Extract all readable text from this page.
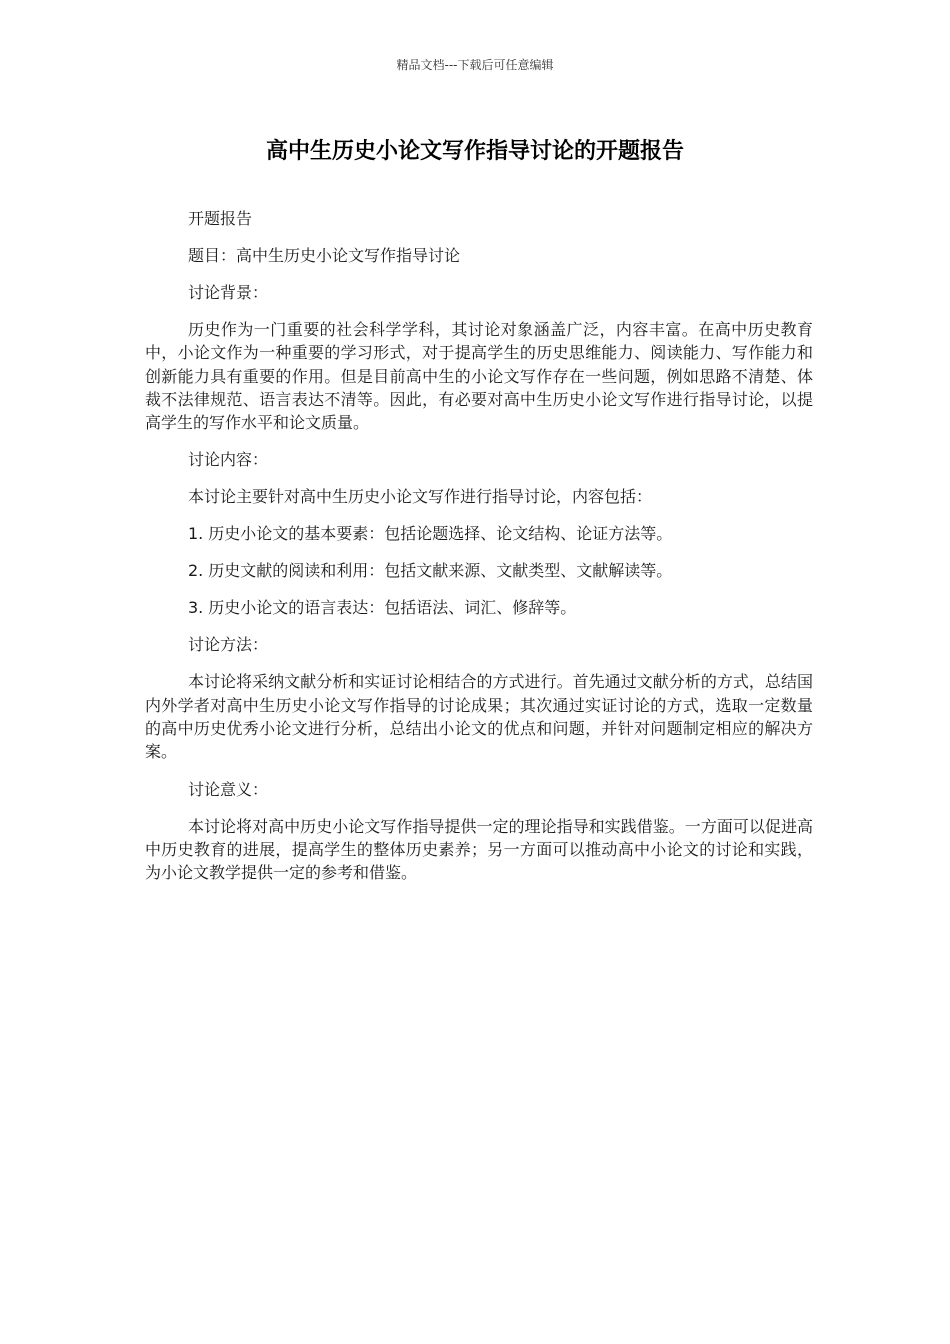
精品文档---下载后可任意编辑
高中生历史小论文写作指导讨论的开题报告

开题报告

题目：高中生历史小论文写作指导讨论

讨论背景：

历史作为一门重要的社会科学学科，其讨论对象涵盖广泛，内容丰富。在高中历史教育中，小论文作为一种重要的学习形式，对于提高学生的历史思维能力、阅读能力、写作能力和创新能力具有重要的作用。但是目前高中生的小论文写作存在一些问题，例如思路不清楚、体裁不法律规范、语言表达不清等。因此，有必要对高中生历史小论文写作进行指导讨论，以提高学生的写作水平和论文质量。

讨论内容：

本讨论主要针对高中生历史小论文写作进行指导讨论，内容包括：

1. 历史小论文的基本要素：包括论题选择、论文结构、论证方法等。
2. 历史文献的阅读和利用：包括文献来源、文献类型、文献解读等。
3. 历史小论文的语言表达：包括语法、词汇、修辞等。

讨论方法：

本讨论将采纳文献分析和实证讨论相结合的方式进行。首先通过文献分析的方式，总结国内外学者对高中生历史小论文写作指导的讨论成果；其次通过实证讨论的方式，选取一定数量的高中历史优秀小论文进行分析，总结出小论文的优点和问题，并针对问题制定相应的解决方案。

讨论意义：

本讨论将对高中历史小论文写作指导提供一定的理论指导和实践借鉴。一方面可以促进高中历史教育的进展，提高学生的整体历史素养；另一方面可以推动高中小论文的讨论和实践，为小论文教学提供一定的参考和借鉴。
